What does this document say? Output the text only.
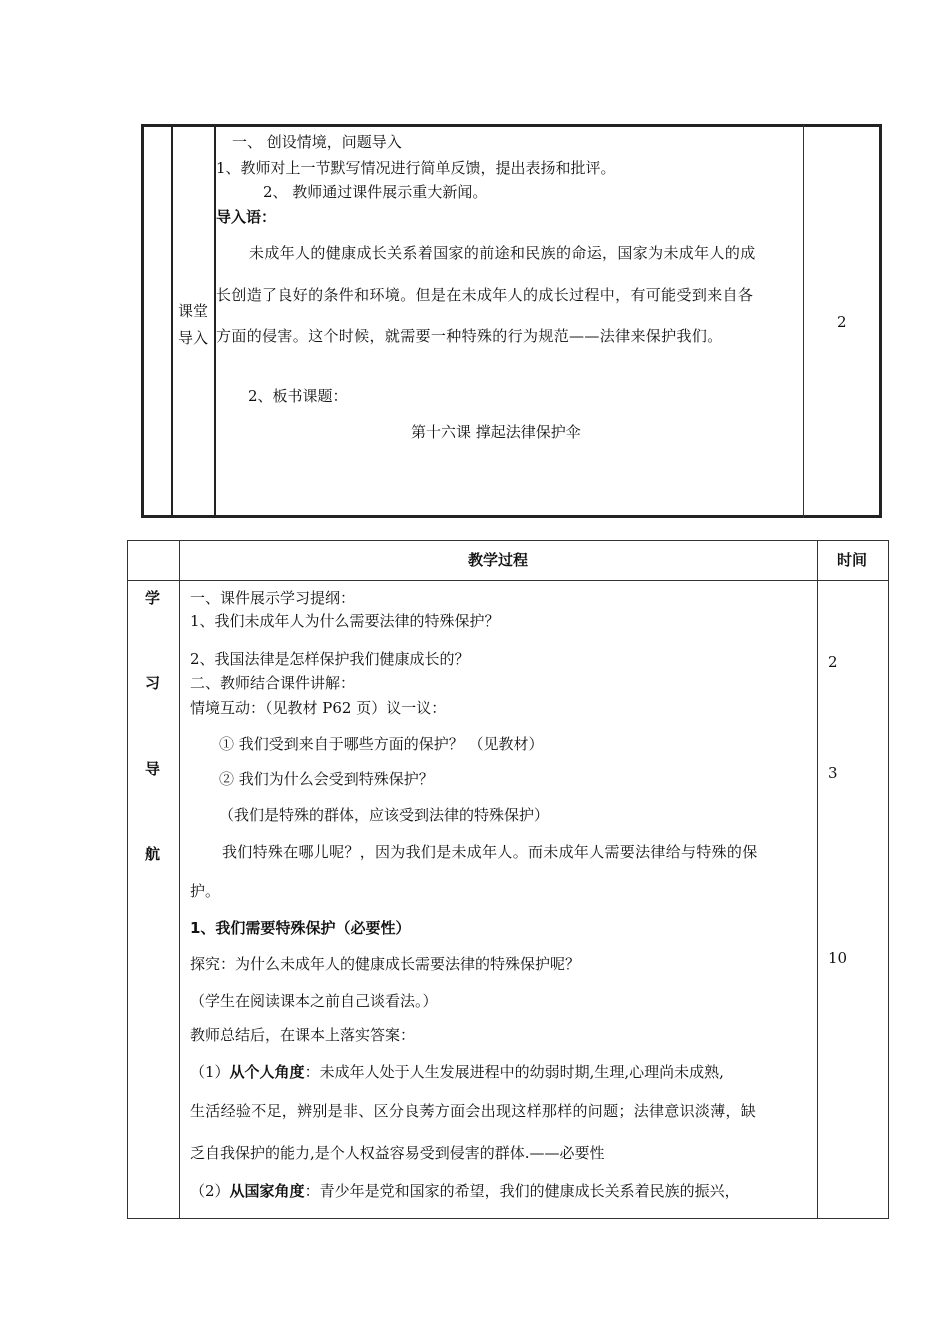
课堂
导入
2
一、 创设情境，问题导入
1、教师对上一节默写情况进行简单反馈，提出表扬和批评。
2、 教师通过课件展示重大新闻。
导入语：
未成年人的健康成长关系着国家的前途和民族的命运，国家为未成年人的成
长创造了良好的条件和环境。但是在未成年人的成长过程中，有可能受到来自各
方面的侵害。这个时候，就需要一种特殊的行为规范——法律来保护我们。
2、板书课题：
第十六课 撑起法律保护伞
教学过程	时间
学
习
导
航
2
3
10
一、课件展示学习提纲：
1、我们未成年人为什么需要法律的特殊保护？
2、我国法律是怎样保护我们健康成长的？
二、教师结合课件讲解：
情境互动：（见教材 P62 页）议一议：
① 我们受到来自于哪些方面的保护？ （见教材）
② 我们为什么会受到特殊保护？
（我们是特殊的群体，应该受到法律的特殊保护）
我们特殊在哪儿呢？，因为我们是未成年人。而未成年人需要法律给与特殊的保
护。
1、我们需要特殊保护（必要性）
探究：为什么未成年人的健康成长需要法律的特殊保护呢？
（学生在阅读课本之前自己谈看法。）
教师总结后，在课本上落实答案：
（1）从个人角度：未成年人处于人生发展进程中的幼弱时期,生理,心理尚未成熟,
生活经验不足，辨别是非、区分良莠方面会出现这样那样的问题；法律意识淡薄，缺
乏自我保护的能力,是个人权益容易受到侵害的群体.——必要性
（2）从国家角度：青少年是党和国家的希望，我们的健康成长关系着民族的振兴，
